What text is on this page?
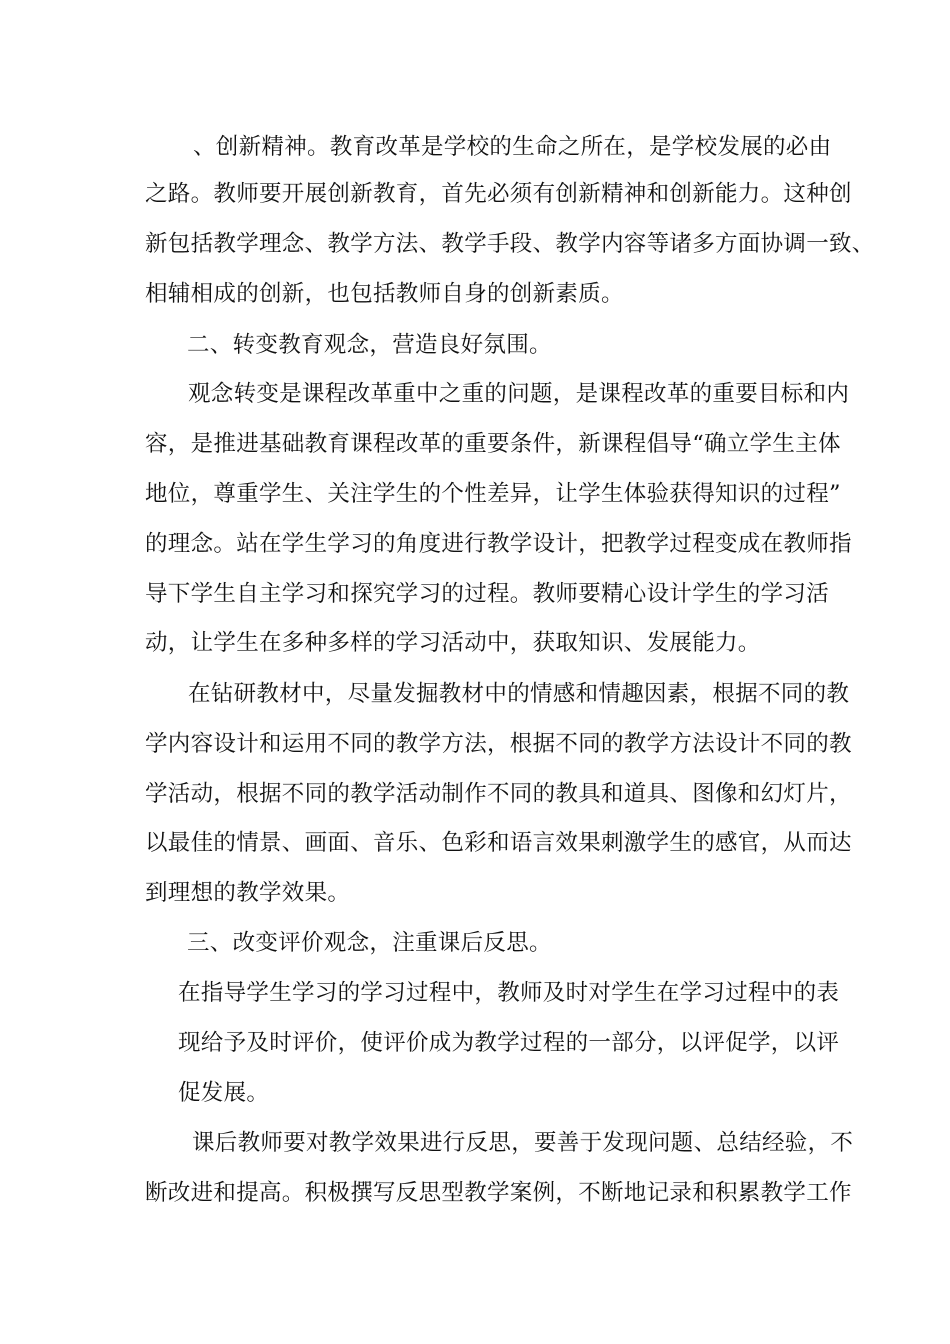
、创新精神。教育改革是学校的生命之所在，是学校发展的必由
之路。教师要开展创新教育，首先必须有创新精神和创新能力。这种创
新包括教学理念、教学方法、教学手段、教学内容等诸多方面协调一致、
相辅相成的创新，也包括教师自身的创新素质。
二、转变教育观念，营造良好氛围。
观念转变是课程改革重中之重的问题，是课程改革的重要目标和内
容，是推进基础教育课程改革的重要条件，新课程倡导“确立学生主体
地位，尊重学生、关注学生的个性差异，让学生体验获得知识的过程”
的理念。站在学生学习的角度进行教学设计，把教学过程变成在教师指
导下学生自主学习和探究学习的过程。教师要精心设计学生的学习活
动，让学生在多种多样的学习活动中，获取知识、发展能力。
在钻研教材中，尽量发掘教材中的情感和情趣因素，根据不同的教
学内容设计和运用不同的教学方法，根据不同的教学方法设计不同的教
学活动，根据不同的教学活动制作不同的教具和道具、图像和幻灯片，
以最佳的情景、画面、音乐、色彩和语言效果刺激学生的感官，从而达
到理想的教学效果。
三、改变评价观念，注重课后反思。
在指导学生学习的学习过程中，教师及时对学生在学习过程中的表
现给予及时评价，使评价成为教学过程的一部分，以评促学，以评
促发展。
课后教师要对教学效果进行反思，要善于发现问题、总结经验，不
断改进和提高。积极撰写反思型教学案例，不断地记录和积累教学工作
